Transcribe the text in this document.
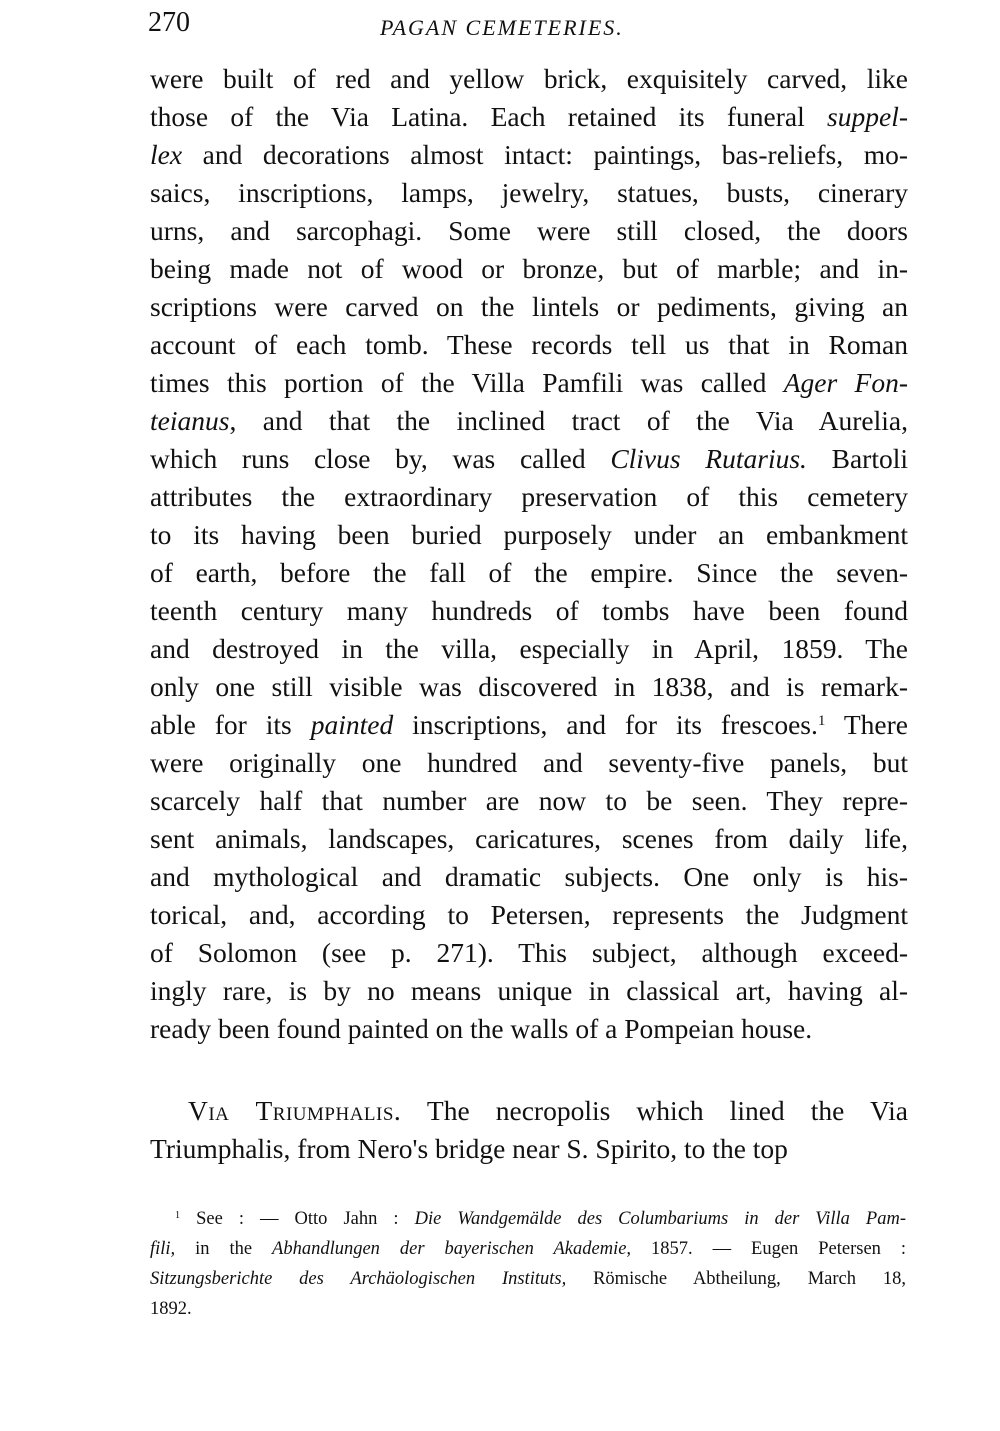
270	PAGAN CEMETERIES.
were built of red and yellow brick, exquisitely carved, like
those of the Via Latina. Each retained its funeral suppel-
lex and decorations almost intact: paintings, bas-reliefs, mo-
saics, inscriptions, lamps, jewelry, statues, busts, cinerary
urns, and sarcophagi. Some were still closed, the doors
being made not of wood or bronze, but of marble; and in-
scriptions were carved on the lintels or pediments, giving an
account of each tomb. These records tell us that in Roman
times this portion of the Villa Pamfili was called Ager Fon-
teianus, and that the inclined tract of the Via Aurelia,
which runs close by, was called Clivus Rutarius. Bartoli
attributes the extraordinary preservation of this cemetery
to its having been buried purposely under an embankment
of earth, before the fall of the empire. Since the seven-
teenth century many hundreds of tombs have been found
and destroyed in the villa, especially in April, 1859. The
only one still visible was discovered in 1838, and is remark-
able for its painted inscriptions, and for its frescoes.$^1$ There
were originally one hundred and seventy-five panels, but
scarcely half that number are now to be seen. They repre-
sent animals, landscapes, caricatures, scenes from daily life,
and mythological and dramatic subjects. One only is his-
torical, and, according to Petersen, represents the Judgment
of Solomon (see p. 271). This subject, although exceed-
ingly rare, is by no means unique in classical art, having al-
ready been found painted on the walls of a Pompeian house.
Via Triumphalis. The necropolis which lined the Via
Triumphalis, from Nero's bridge near S. Spirito, to the top
$^1$ See : — Otto Jahn : Die Wandgemälde des Columbariums in der Villa Pam-
fili, in the Abhandlungen der bayerischen Akademie, 1857. — Eugen Petersen :
Sitzungsberichte des Archäologischen Instituts, Römische Abtheilung, March 18,
1892.
